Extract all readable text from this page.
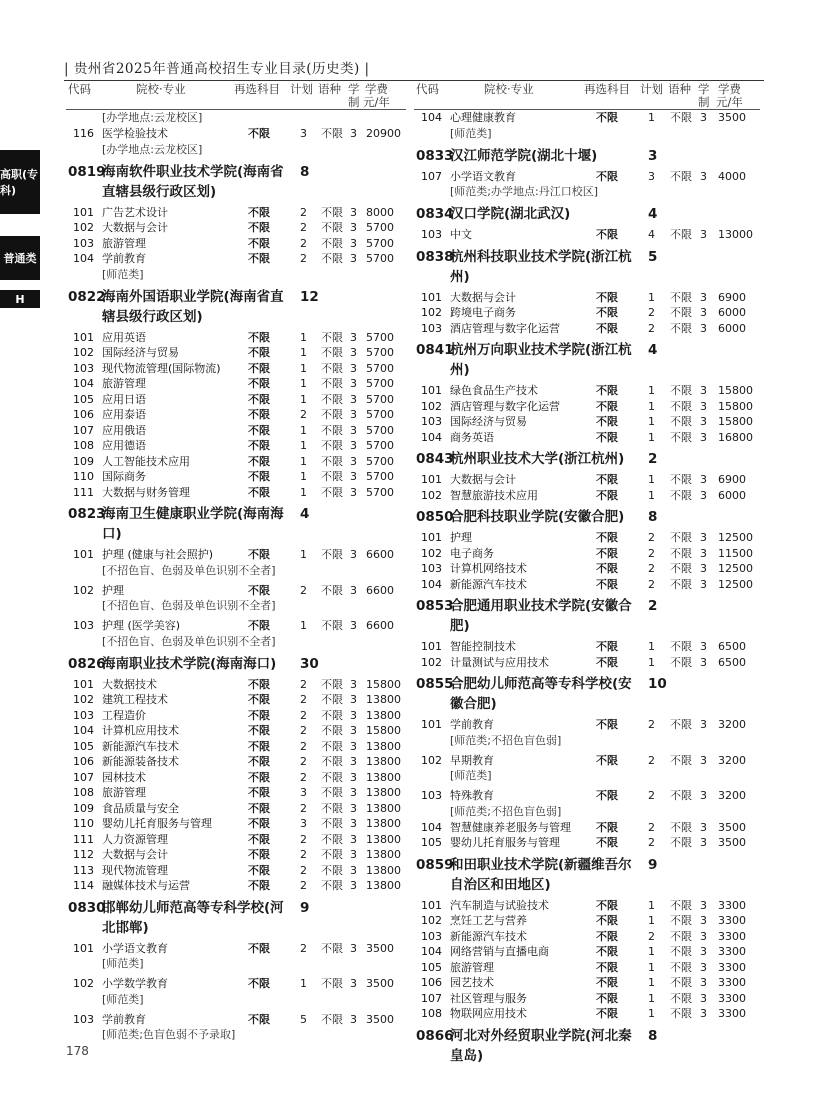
| 贵州省2025年普通高校招生专业目录(历史类) |
高职(专科)
普通类
H
代码	院校·专业	再选科目 计划 语种 学
制
学费
元/年
[办学地点:云龙校区]
116 医学检验技术	不限	3 不限 3 20900
[办学地点:云龙校区]
0819
海南软件职业技术学院(海南省直辖县级行政区划)
8
101 广告艺术设计	不限	2 不限 3 8000
102 大数据与会计	不限	2 不限 3 5700
103 旅游管理	不限	2 不限 3 5700
104 学前教育	不限	2 不限 3 5700
[师范类]
0822
海南外国语职业学院(海南省直辖县级行政区划)
12
101 应用英语	不限	1 不限 3 5700
102 国际经济与贸易	不限	1 不限 3 5700
103 现代物流管理(国际物流) 不限	1 不限 3 5700
104 旅游管理	不限	1 不限 3 5700
105 应用日语	不限	1 不限 3 5700
106 应用泰语	不限	2 不限 3 5700
107 应用俄语	不限	1 不限 3 5700
108 应用德语	不限	1 不限 3 5700
109 人工智能技术应用	不限	1 不限 3 5700
110 国际商务	不限	1 不限 3 5700
111 大数据与财务管理	不限	1 不限 3 5700
0823
海南卫生健康职业学院(海南海口)
4
101 护理 (健康与社会照护)	不限	1 不限 3 6600
[不招色盲、色弱及单色识别不全者]
102 护理	不限	2 不限 3 6600
[不招色盲、色弱及单色识别不全者]
103 护理 (医学美容)	不限	1 不限 3 6600
[不招色盲、色弱及单色识别不全者]
0826
海南职业技术学院(海南海口)	30
101 大数据技术	不限	2 不限 3 15800
102 建筑工程技术	不限	2 不限 3 13800
103 工程造价	不限	2 不限 3 13800
104 计算机应用技术	不限	2 不限 3 15800
105 新能源汽车技术	不限	2 不限 3 13800
106 新能源装备技术	不限	2 不限 3 13800
107 园林技术	不限	2 不限 3 13800
108 旅游管理	不限	3 不限 3 13800
109 食品质量与安全	不限	2 不限 3 13800
110 婴幼儿托育服务与管理	不限	3 不限 3 13800
111 人力资源管理	不限	2 不限 3 13800
112 大数据与会计	不限	2 不限 3 13800
113 现代物流管理	不限	2 不限 3 13800
114 融媒体技术与运营	不限	2 不限 3 13800
0830
邯郸幼儿师范高等专科学校(河北邯郸)
9
101 小学语文教育	不限	2 不限 3 3500
[师范类]
102 小学数学教育	不限	1 不限 3 3500
[师范类]
103 学前教育	不限	5 不限 3 3500
[师范类;色盲色弱不予录取]
代码	院校·专业	再选科目 计划 语种 学
制
学费
元/年
104 心理健康教育	不限	1 不限 3 3500
[师范类]
0833
汉江师范学院(湖北十堰)	3
107 小学语文教育	不限	3 不限 3 4000
[师范类;办学地点:丹江口校区]
0834
汉口学院(湖北武汉)	4
103 中文	不限	4 不限 3 13000
0838
杭州科技职业技术学院(浙江杭州)
5
101 大数据与会计	不限	1 不限 3 6900
102 跨境电子商务	不限	2 不限 3 6000
103 酒店管理与数字化运营	不限	2 不限 3 6000
0841
杭州万向职业技术学院(浙江杭州)
4
101 绿色食品生产技术	不限	1 不限 3 15800
102 酒店管理与数字化运营	不限	1 不限 3 15800
103 国际经济与贸易	不限	1 不限 3 15800
104 商务英语	不限	1 不限 3 16800
0843
杭州职业技术大学(浙江杭州)	2
101 大数据与会计	不限	1 不限 3 6900
102 智慧旅游技术应用	不限	1 不限 3 6000
0850
合肥科技职业学院(安徽合肥)	8
101 护理	不限	2 不限 3 12500
102 电子商务	不限	2 不限 3 11500
103 计算机网络技术	不限	2 不限 3 12500
104 新能源汽车技术	不限	2 不限 3 12500
0853
合肥通用职业技术学院(安徽合肥)
2
101 智能控制技术	不限	1 不限 3 6500
102 计量测试与应用技术	不限	1 不限 3 6500
0855
合肥幼儿师范高等专科学校(安徽合肥)
10
101 学前教育	不限	2 不限 3 3200
[师范类;不招色盲色弱]
102 早期教育	不限	2 不限 3 3200
[师范类]
103 特殊教育	不限	2 不限 3 3200
[师范类;不招色盲色弱]
104 智慧健康养老服务与管理 不限	2 不限 3 3500
105 婴幼儿托育服务与管理	不限	2 不限 3 3500
0859
和田职业技术学院(新疆维吾尔自治区和田地区)
9
101 汽车制造与试验技术	不限	1 不限 3 3300
102 烹饪工艺与营养	不限	1 不限 3 3300
103 新能源汽车技术	不限	2 不限 3 3300
104 网络营销与直播电商	不限	1 不限 3 3300
105 旅游管理	不限	1 不限 3 3300
106 园艺技术	不限	1 不限 3 3300
107 社区管理与服务	不限	1 不限 3 3300
108 物联网应用技术	不限	1 不限 3 3300
0866
河北对外经贸职业学院(河北秦皇岛)
8
178
